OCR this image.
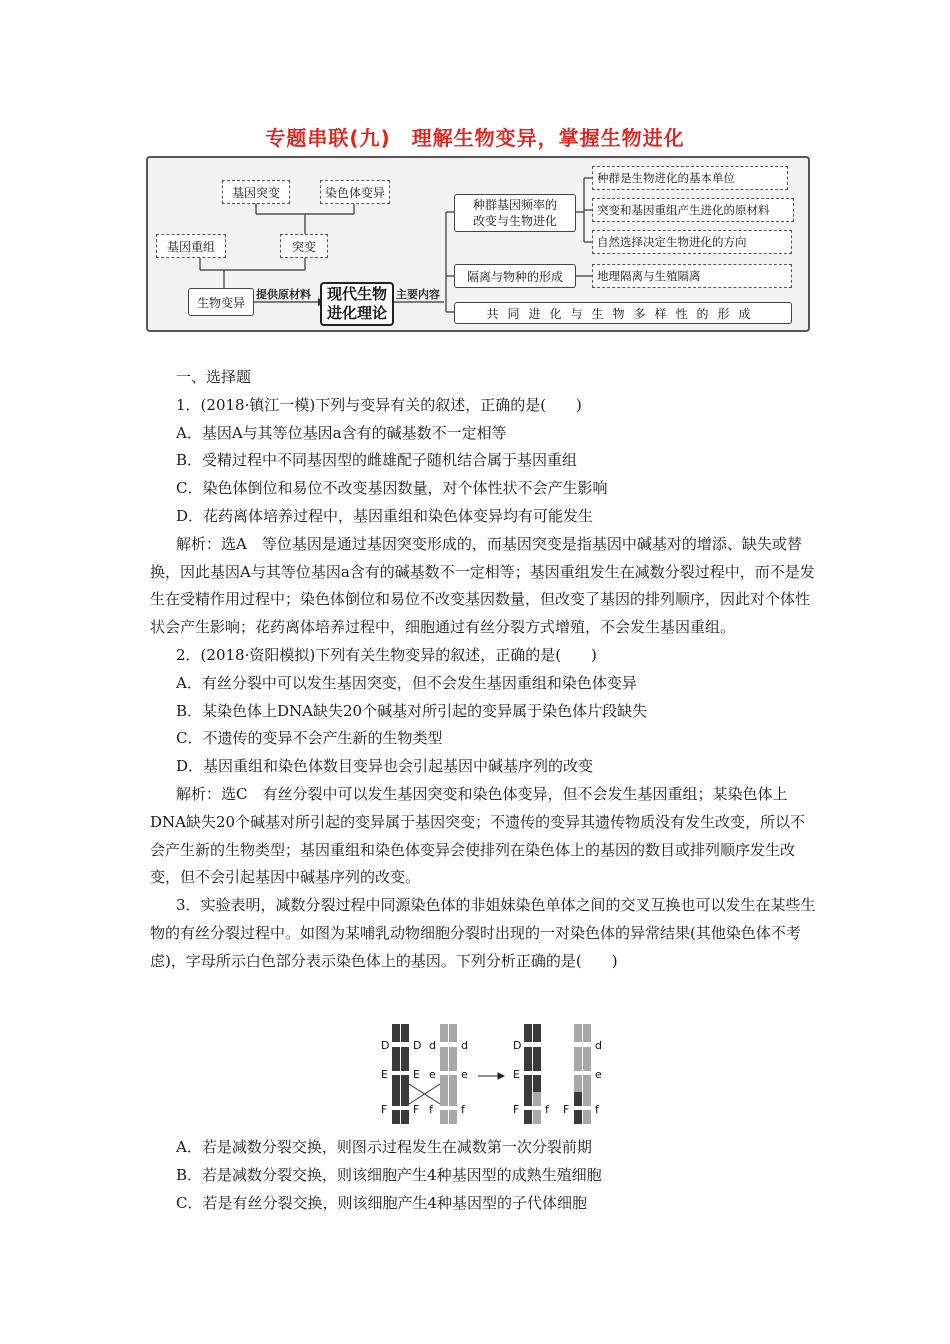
专题串联(九)　理解生物变异，掌握生物进化
基因突变	染色体变异
基因重组	突变
生物变异
提供原材料 现代生物
进化理论
主要内容
种群基因频率的
改变与生物进化
隔离与物种的形成
共同进化与生物多样性的形成
种群是生物进化的基本单位
突变和基因重组产生进化的原材料
自然选择决定生物进化的方向
地理隔离与生殖隔离

一、选择题

1．(2018·镇江一模)下列与变异有关的叙述，正确的是(　　)

A．基因A与其等位基因a含有的碱基数不一定相等

B．受精过程中不同基因型的雌雄配子随机结合属于基因重组

C．染色体倒位和易位不改变基因数量，对个体性状不会产生影响

D．花药离体培养过程中，基因重组和染色体变异均有可能发生

解析：选A　等位基因是通过基因突变形成的，而基因突变是指基因中碱基对的增添、缺失或替换，因此基因A与其等位基因a含有的碱基数不一定相等；基因重组发生在减数分裂过程中，而不是发生在受精作用过程中；染色体倒位和易位不改变基因数量，但改变了基因的排列顺序，因此对个体性状会产生影响；花药离体培养过程中，细胞通过有丝分裂方式增殖，不会发生基因重组。

2．(2018·资阳模拟)下列有关生物变异的叙述，正确的是(　　)

A．有丝分裂中可以发生基因突变，但不会发生基因重组和染色体变异

B．某染色体上DNA缺失20个碱基对所引起的变异属于染色体片段缺失

C．不遗传的变异不会产生新的生物类型

D．基因重组和染色体数目变异也会引起基因中碱基序列的改变

解析：选C　有丝分裂中可以发生基因突变和染色体变异，但不会发生基因重组；某染色体上DNA缺失20个碱基对所引起的变异属于基因突变；不遗传的变异其遗传物质没有发生改变，所以不会产生新的生物类型；基因重组和染色体变异会使排列在染色体上的基因的数目或排列顺序发生改变，但不会引起基因中碱基序列的改变。

3．实验表明，减数分裂过程中同源染色体的非姐妹染色单体之间的交叉互换也可以发生在某些生物的有丝分裂过程中。如图为某哺乳动物细胞分裂时出现的一对染色体的异常结果(其他染色体不考虑)，字母所示白色部分表示染色体上的基因。下列分析正确的是(　　)

D D
E E
F F
d d
e e
f	f
D
E
F f F
d
e
f

A．若是减数分裂交换，则图示过程发生在减数第一次分裂前期

B．若是减数分裂交换，则该细胞产生4种基因型的成熟生殖细胞

C．若是有丝分裂交换，则该细胞产生4种基因型的子代体细胞
